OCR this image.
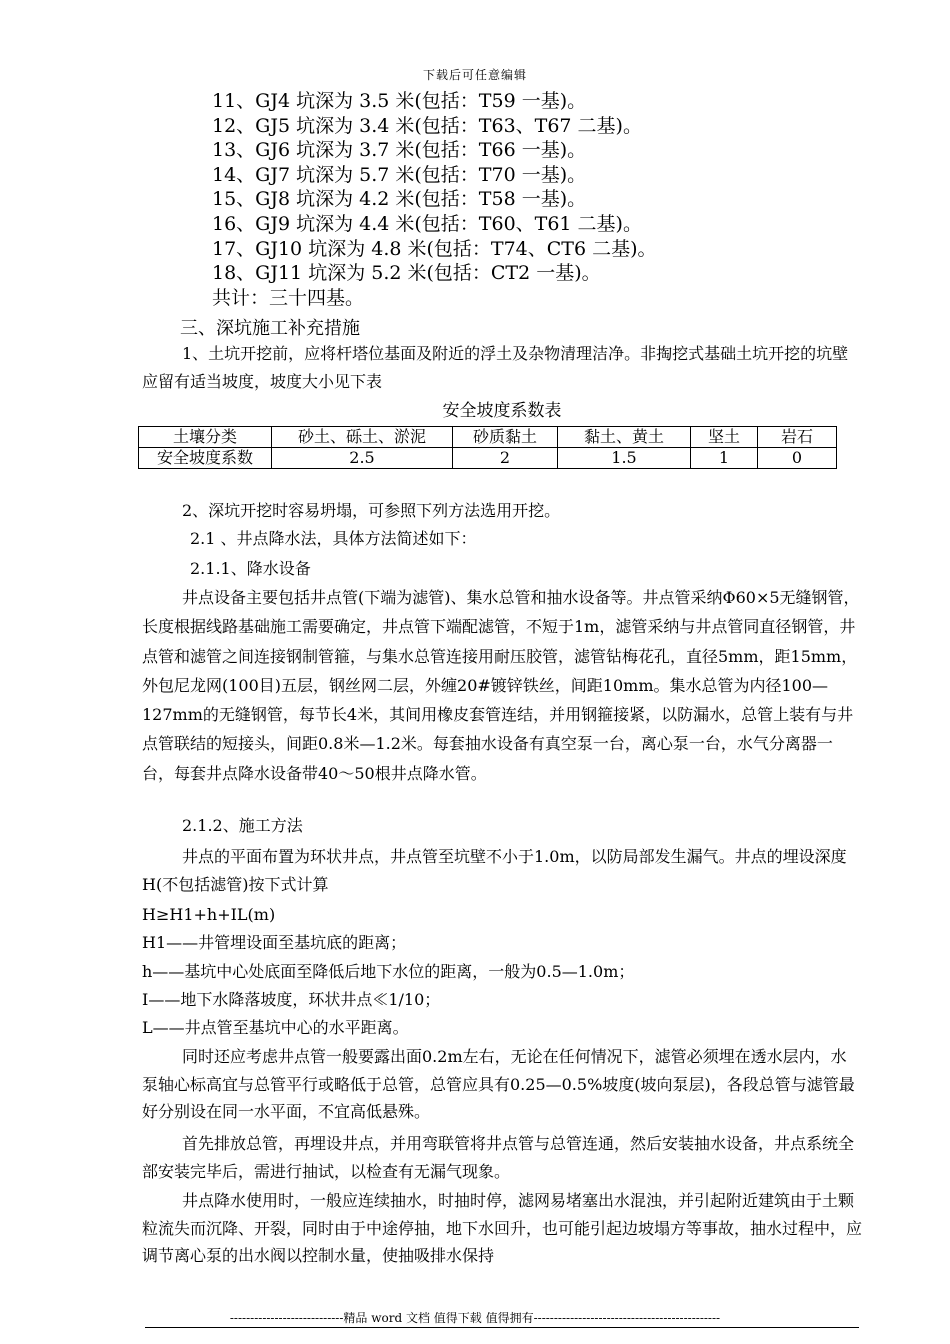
下载后可任意编辑
11、GJ4 坑深为 3.5 米(包括：T59 一基)。
12、GJ5 坑深为 3.4 米(包括：T63、T67 二基)。
13、GJ6 坑深为 3.7 米(包括：T66 一基)。
14、GJ7 坑深为 5.7 米(包括：T70 一基)。
15、GJ8 坑深为 4.2 米(包括：T58 一基)。
16、GJ9 坑深为 4.4 米(包括：T60、T61 二基)。
17、GJ10 坑深为 4.8 米(包括：T74、CT6 二基)。
18、GJ11 坑深为 5.2 米(包括：CT2 一基)。
共计：三十四基。
三、深坑施工补充措施

1、土坑开挖前，应将杆塔位基面及附近的浮土及杂物清理洁净。非掏挖式基础土坑开挖的坑壁应留有适当坡度，坡度大小见下表

安全坡度系数表
土壤分类	砂土、砾土、淤泥	砂质黏土	黏土、黄土	坚土	岩石
安全坡度系数	2.5	2	1.5	1	0
2、深坑开挖时容易坍塌，可参照下列方法选用开挖。
2.1 、井点降水法，具体方法简述如下：
2.1.1、降水设备

井点设备主要包括井点管(下端为滤管)、集水总管和抽水设备等。井点管采纳Φ60×5无缝钢管，长度根据线路基础施工需要确定，井点管下端配滤管，不短于1m，滤管采纳与井点管同直径钢管，井点管和滤管之间连接钢制管箍，与集水总管连接用耐压胶管，滤管钻梅花孔，直径5mm，距15mm，外包尼龙网(100目)五层，钢丝网二层，外缠20#镀锌铁丝，间距10mm。集水总管为内径100—127mm的无缝钢管，每节长4米，其间用橡皮套管连结，并用钢箍接紧，以防漏水，总管上装有与井点管联结的短接头，间距0.8米—1.2米。每套抽水设备有真空泵一台，离心泵一台，水气分离器一台，每套井点降水设备带40～50根井点降水管。

2.1.2、施工方法

井点的平面布置为环状井点，井点管至坑壁不小于1.0m，以防局部发生漏气。井点的埋设深度H(不包括滤管)按下式计算

H≥H1+h+IL(m)
H1——井管埋设面至基坑底的距离；
h——基坑中心处底面至降低后地下水位的距离，一般为0.5—1.0m；
I——地下水降落坡度，环状井点≪1/10；
L——井点管至基坑中心的水平距离。

同时还应考虑井点管一般要露出面0.2m左右，无论在任何情况下，滤管必须埋在透水层内，水泵轴心标高宜与总管平行或略低于总管，总管应具有0.25—0.5%坡度(坡向泵层)，各段总管与滤管最好分别设在同一水平面，不宜高低悬殊。

首先排放总管，再埋设井点，并用弯联管将井点管与总管连通，然后安装抽水设备，井点系统全部安装完毕后，需进行抽试，以检查有无漏气现象。

井点降水使用时，一般应连续抽水，时抽时停，滤网易堵塞出水混浊，并引起附近建筑由于土颗粒流失而沉降、开裂，同时由于中途停抽，地下水回升，也可能引起边坡塌方等事故，抽水过程中，应调节离心泵的出水阀以控制水量，使抽吸排水保持

----------------------------精品 word 文档 值得下载 值得拥有----------------------------------------------
